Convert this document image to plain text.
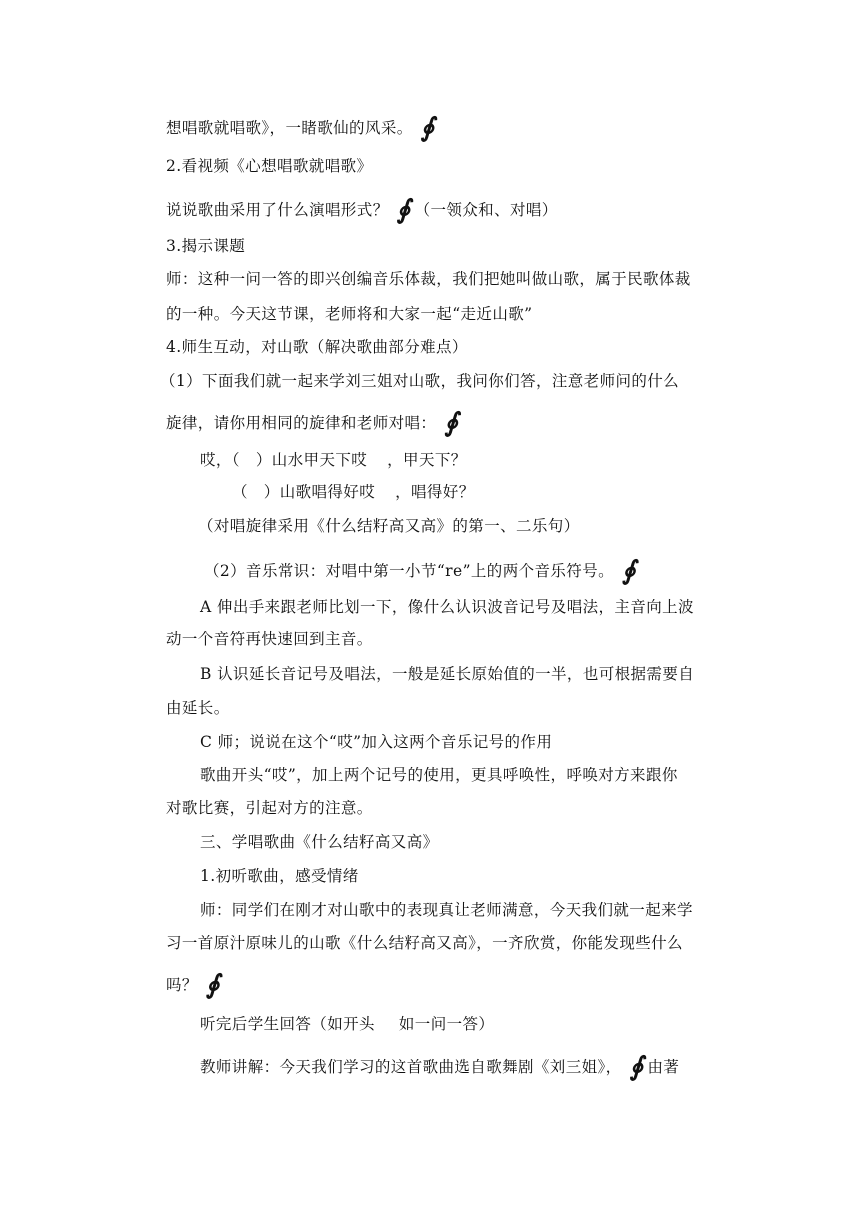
想唱歌就唱歌》，一睹歌仙的风采。 ∮
2.看视频《心想唱歌就唱歌》
说说歌曲采用了什么演唱形式？ ∮ （一领众和、对唱）
3.揭示课题
师：这种一问一答的即兴创编音乐体裁，我们把她叫做山歌，属于民歌体裁
的一种。今天这节课，老师将和大家一起“走近山歌”
4.师生互动，对山歌（解决歌曲部分难点）
（1）下面我们就一起来学刘三姐对山歌，我问你们答，注意老师问的什么
旋律，请你用相同的旋律和老师对唱： ∮
哎，（　）山水甲天下哎 ，甲天下？
（　）山歌唱得好哎 ，唱得好？
（对唱旋律采用《什么结籽高又高》的第一、二乐句）
（2）音乐常识：对唱中第一小节“re”上的两个音乐符号。 ∮
A 伸出手来跟老师比划一下，像什么认识波音记号及唱法，主音向上波
动一个音符再快速回到主音。
B 认识延长音记号及唱法，一般是延长原始值的一半，也可根据需要自
由延长。
C 师；说说在这个“哎”加入这两个音乐记号的作用
歌曲开头“哎”，加上两个记号的使用，更具呼唤性，呼唤对方来跟你
对歌比赛，引起对方的注意。
三、学唱歌曲《什么结籽高又高》
1.初听歌曲，感受情绪
师：同学们在刚才对山歌中的表现真让老师满意，今天我们就一起来学
习一首原汁原味儿的山歌《什么结籽高又高》，一齐欣赏，你能发现些什么
吗？ ∮
听完后学生回答（如开头 如一问一答）
教师讲解：今天我们学习的这首歌曲选自歌舞剧《刘三姐》， ∮ 由著
